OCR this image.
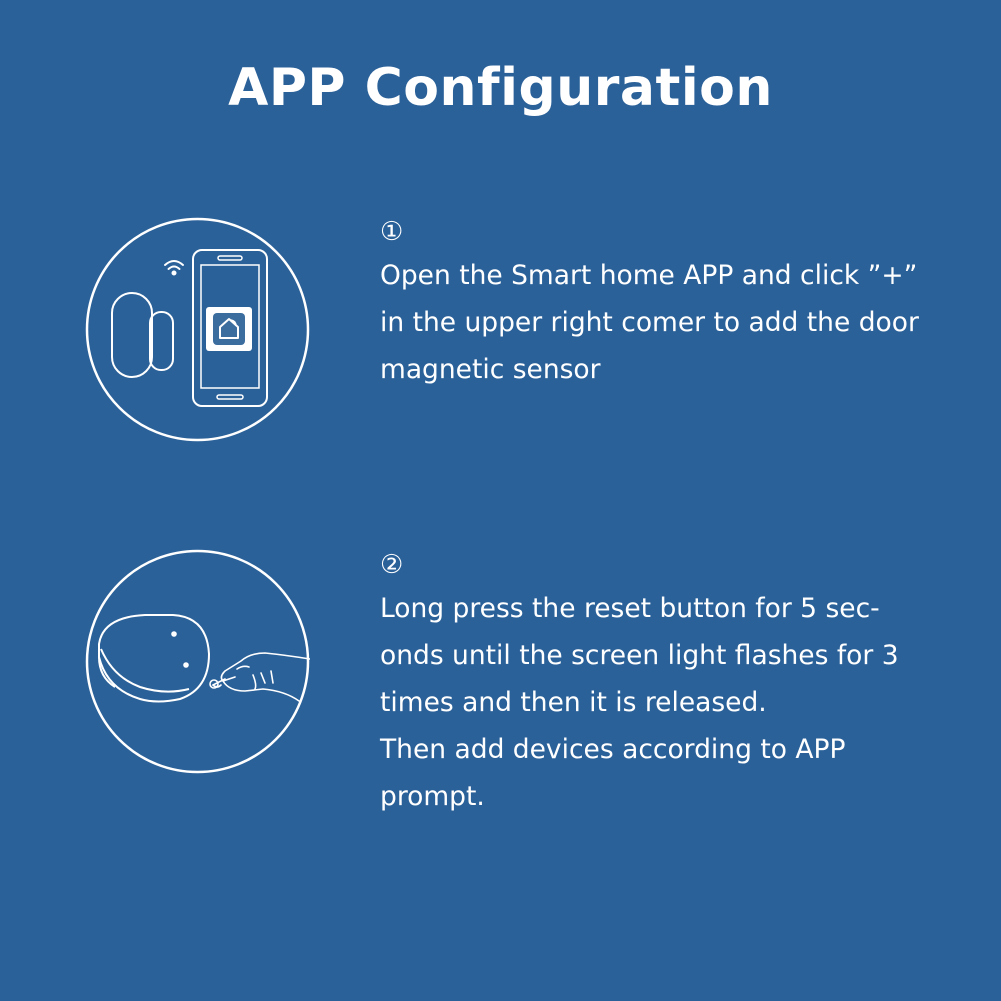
APP Configuration
①
Open the Smart home APP and click ”+”
in the upper right comer to add the door
magnetic sensor
②
Long press the reset button for 5 sec-
onds until the screen light flashes for 3
times and then it is released.
Then add devices according to APP
prompt.
